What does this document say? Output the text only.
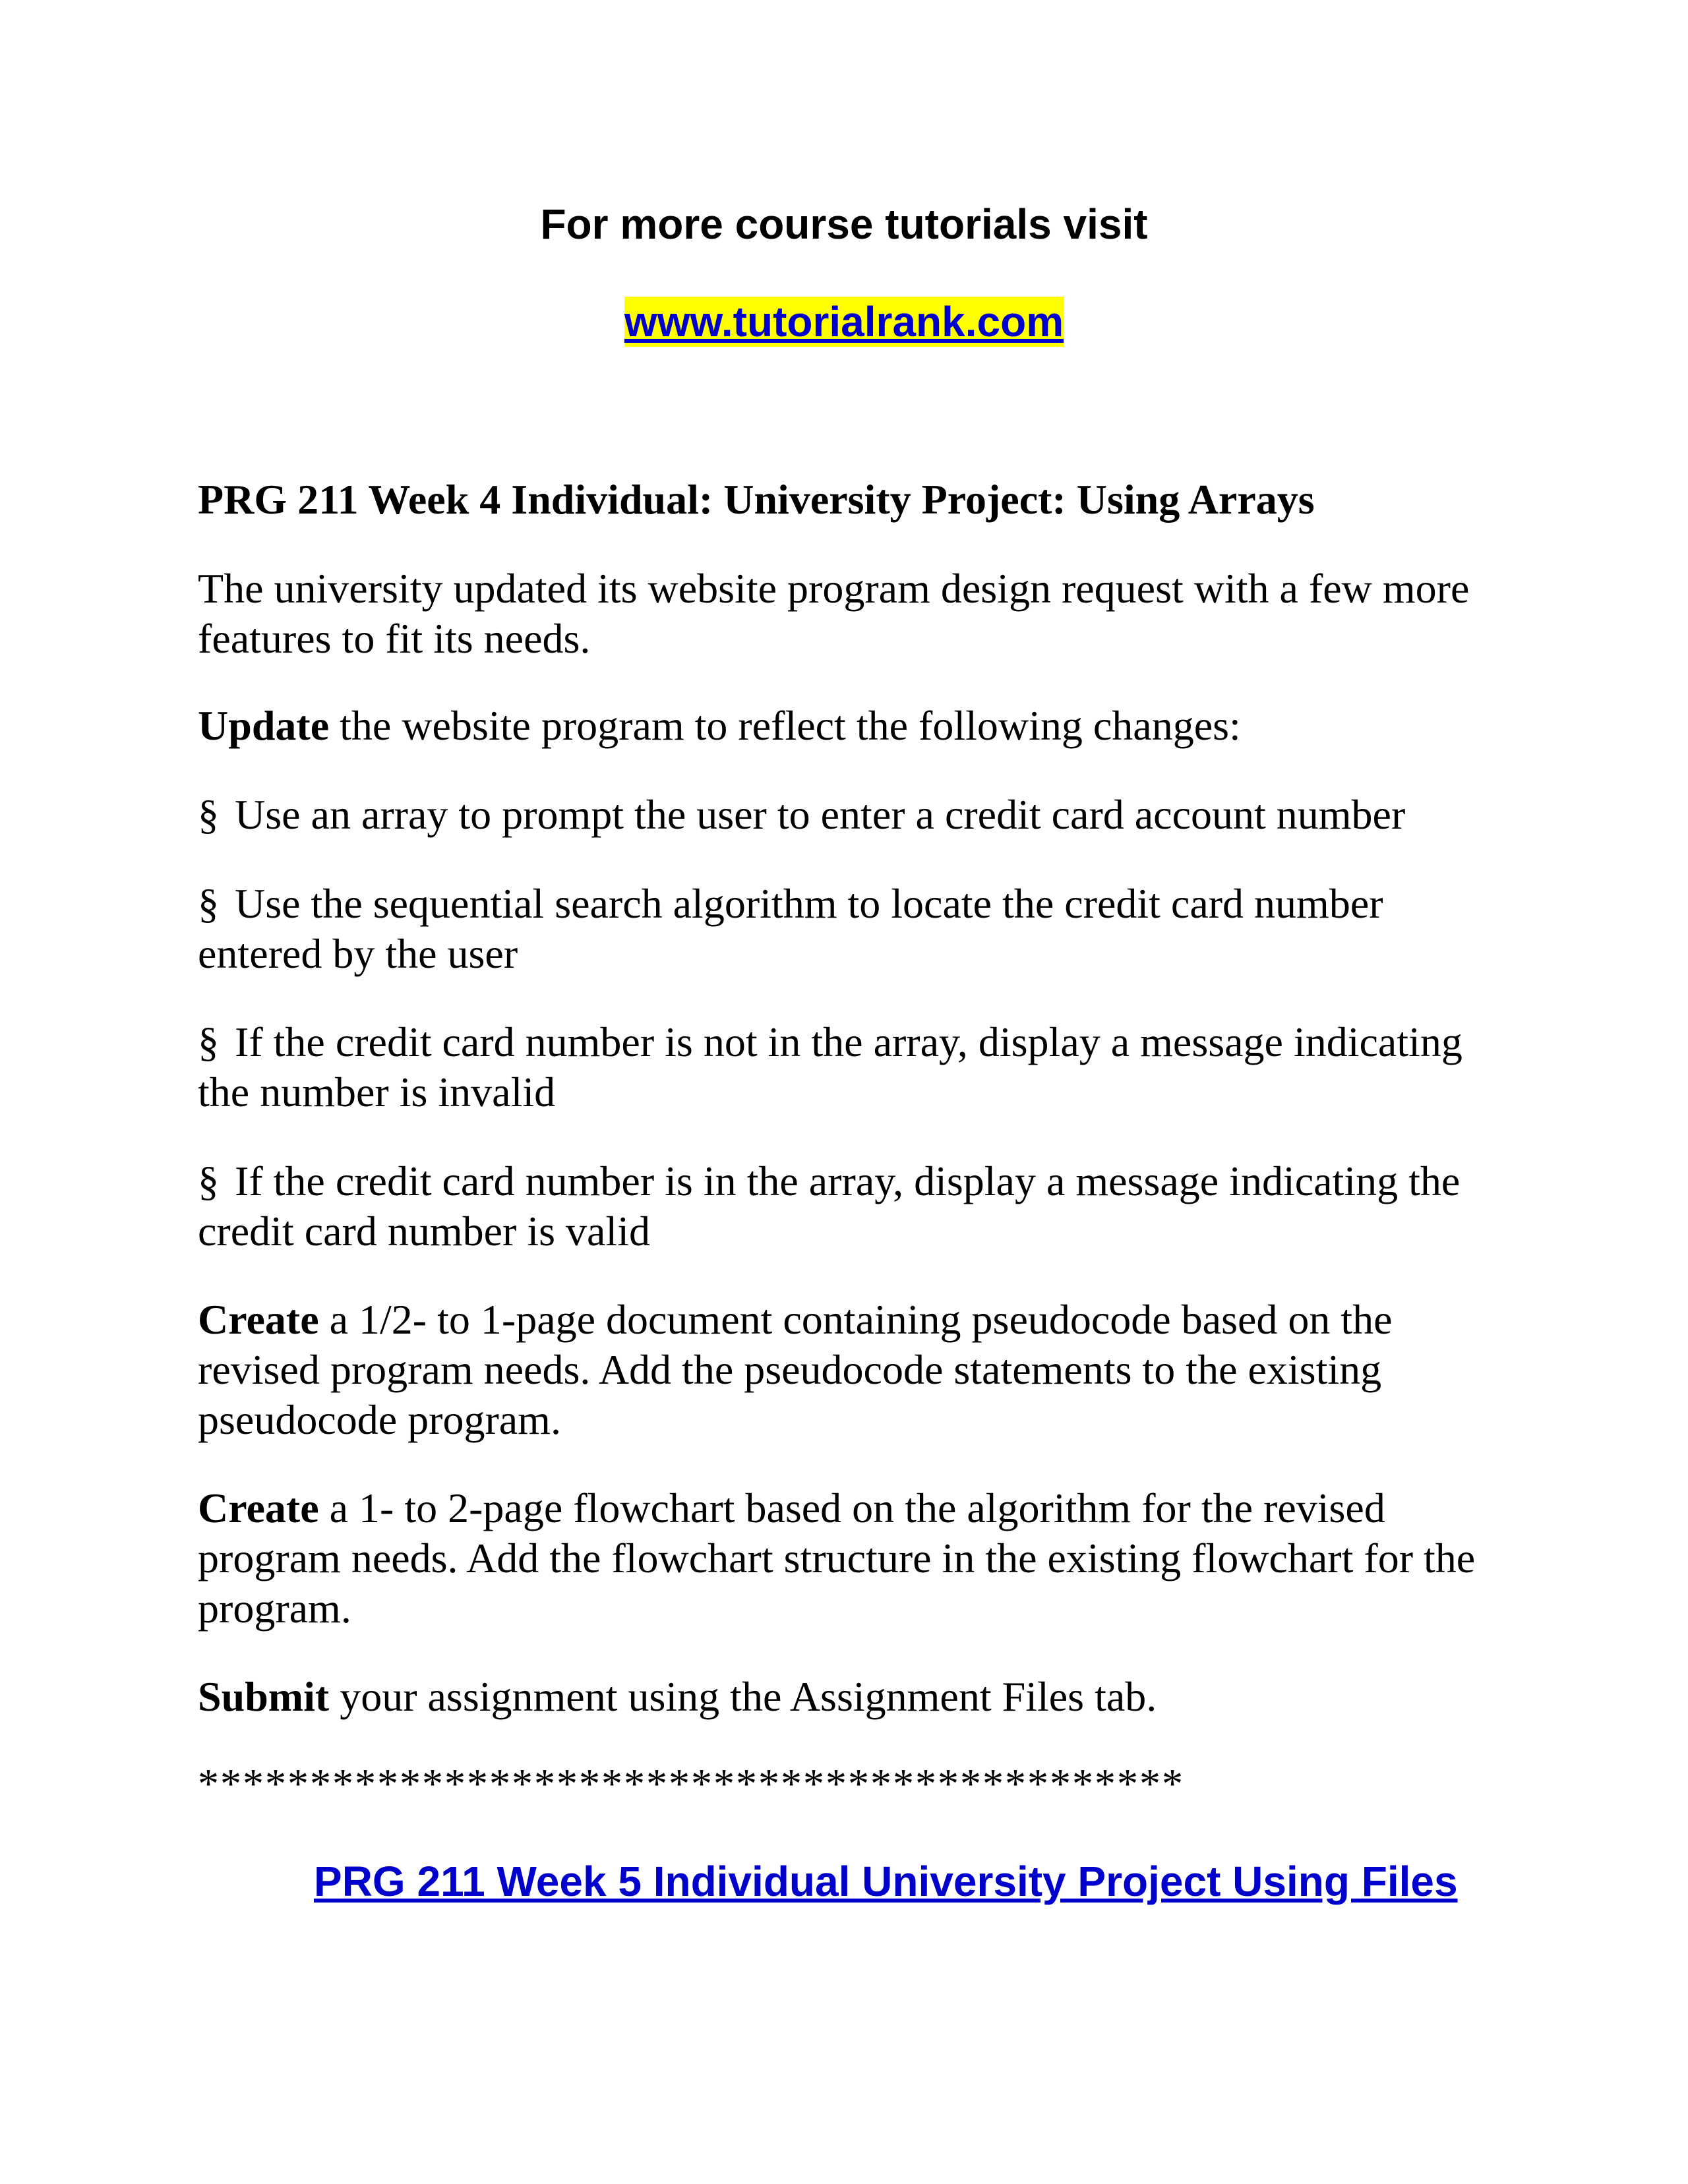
For more course tutorials visit
www.tutorialrank.com
PRG 211 Week 4 Individual: University Project: Using Arrays
The university updated its website program design request with a few more features to fit its needs.
Update the website program to reflect the following changes:
§ Use an array to prompt the user to enter a credit card account number
§ Use the sequential search algorithm to locate the credit card number entered by the user
§ If the credit card number is not in the array, display a message indicating the number is invalid
§ If the credit card number is in the array, display a message indicating the credit card number is valid
Create a 1/2- to 1-page document containing pseudocode based on the revised program needs. Add the pseudocode statements to the existing pseudocode program.
Create a 1- to 2-page flowchart based on the algorithm for the revised program needs. Add the flowchart structure in the existing flowchart for the program.
Submit your assignment using the Assignment Files tab.
********************************************
PRG 211 Week 5 Individual University Project Using Files
